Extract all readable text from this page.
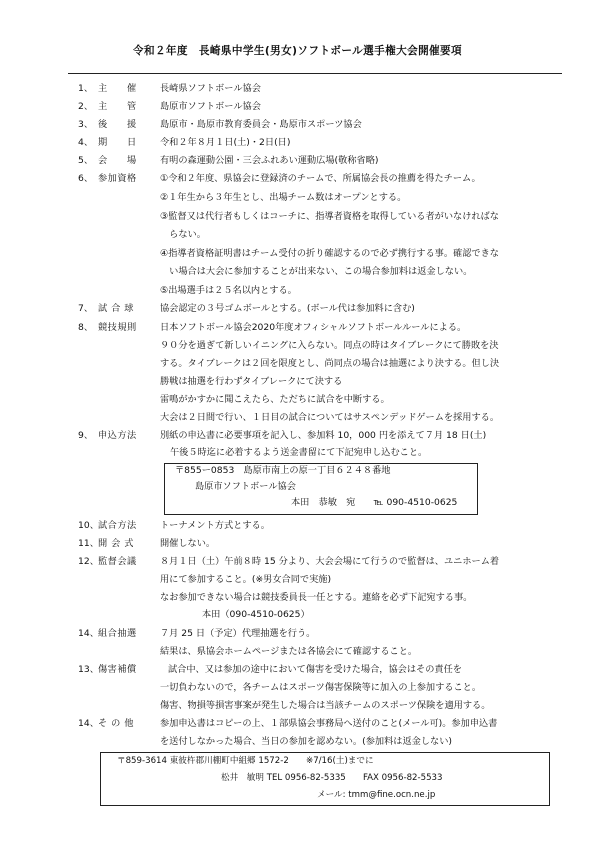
令和２年度　長崎県中学生(男女)ソフトボール選手権大会開催要項
1、 主　　催	長崎県ソフトボール協会
2、 主　　管	島原市ソフトボール協会
3、 後　　援	島原市・島原市教育委員会・島原市スポーツ協会
4、 期　　日	令和２年８月１日(土)・2日(日)
5、 会　　場	有明の森運動公園・三会ふれあい運動広場(敬称省略)
6、 参加資格	①令和２年度、県協会に登録済のチームで、所属協会長の推薦を得たチーム。
②１年生から３年生とし、出場チーム数はオープンとする。
③監督又は代行者もしくはコーチに、指導者資格を取得している者がいなければな
　らない。
④指導者資格証明書はチーム受付の折り確認するので必ず携行する事。確認できな
　い場合は大会に参加することが出来ない、この場合参加料は返金しない。
⑤出場選手は２５名以内とする。
7、 試 合 球	協会認定の３号ゴムボールとする。(ボール代は参加料に含む)
8、 競技規則	日本ソフトボール協会2020年度オフィシャルソフトボールルールによる。
９０分を過ぎて新しいイニングに入らない。同点の時はタイブレークにて勝敗を決
する。タイブレークは２回を限度とし、尚同点の場合は抽選により決する。但し決
勝戦は抽選を行わずタイブレークにて決する
雷鳴がかすかに聞こえたら、ただちに試合を中断する。
大会は２日間で行い、１日目の試合についてはサスペンデッドゲームを採用する。
9、 申込方法	別紙の申込書に必要事項を記入し、参加料 10，000 円を添えて７月 18 日(土)
午後５時迄に必着するよう送金書留にて下記宛申し込むこと。
〒855ー0853　島原市南上の原一丁目６２４８番地
島原市ソフトボール協会
本田　恭敏　宛　　℡ 090-4510-0625
10、 試合方法	トーナメント方式とする。
11、 開 会 式	開催しない。
12、 監督会議	８月１日（土）午前８時 15 分より、大会会場にて行うので監督は、ユニホーム着
用にて参加すること。(※男女合同で実施)
なお参加できない場合は競技委員長一任とする。連絡を必ず下記宛する事。
本田（090-4510-0625）
14、 組合抽選	７月 25 日（予定）代理抽選を行う。
結果は、県協会ホームページまたは各協会にて確認すること。
13、 傷害補償	試合中、又は参加の途中において傷害を受けた場合，協会はその責任を
一切負わないので，各チームはスポーツ傷害保険等に加入の上参加すること。
傷害、物損等損害事案が発生した場合は当該チームのスポーツ保険を適用する。
14、 そ の 他	参加申込書はコピーの上、１部県協会事務局へ送付のこと(メール可)。参加申込書
を送付しなかった場合、当日の参加を認めない。(参加料は返金しない)
〒859-3614 東彼杵郡川棚町中組郷 1572-2　　※7/16(土)までに
松井　敏明 TEL 0956-82-5335　　FAX 0956-82-5533
メール: tmm@fine.ocn.ne.jp
